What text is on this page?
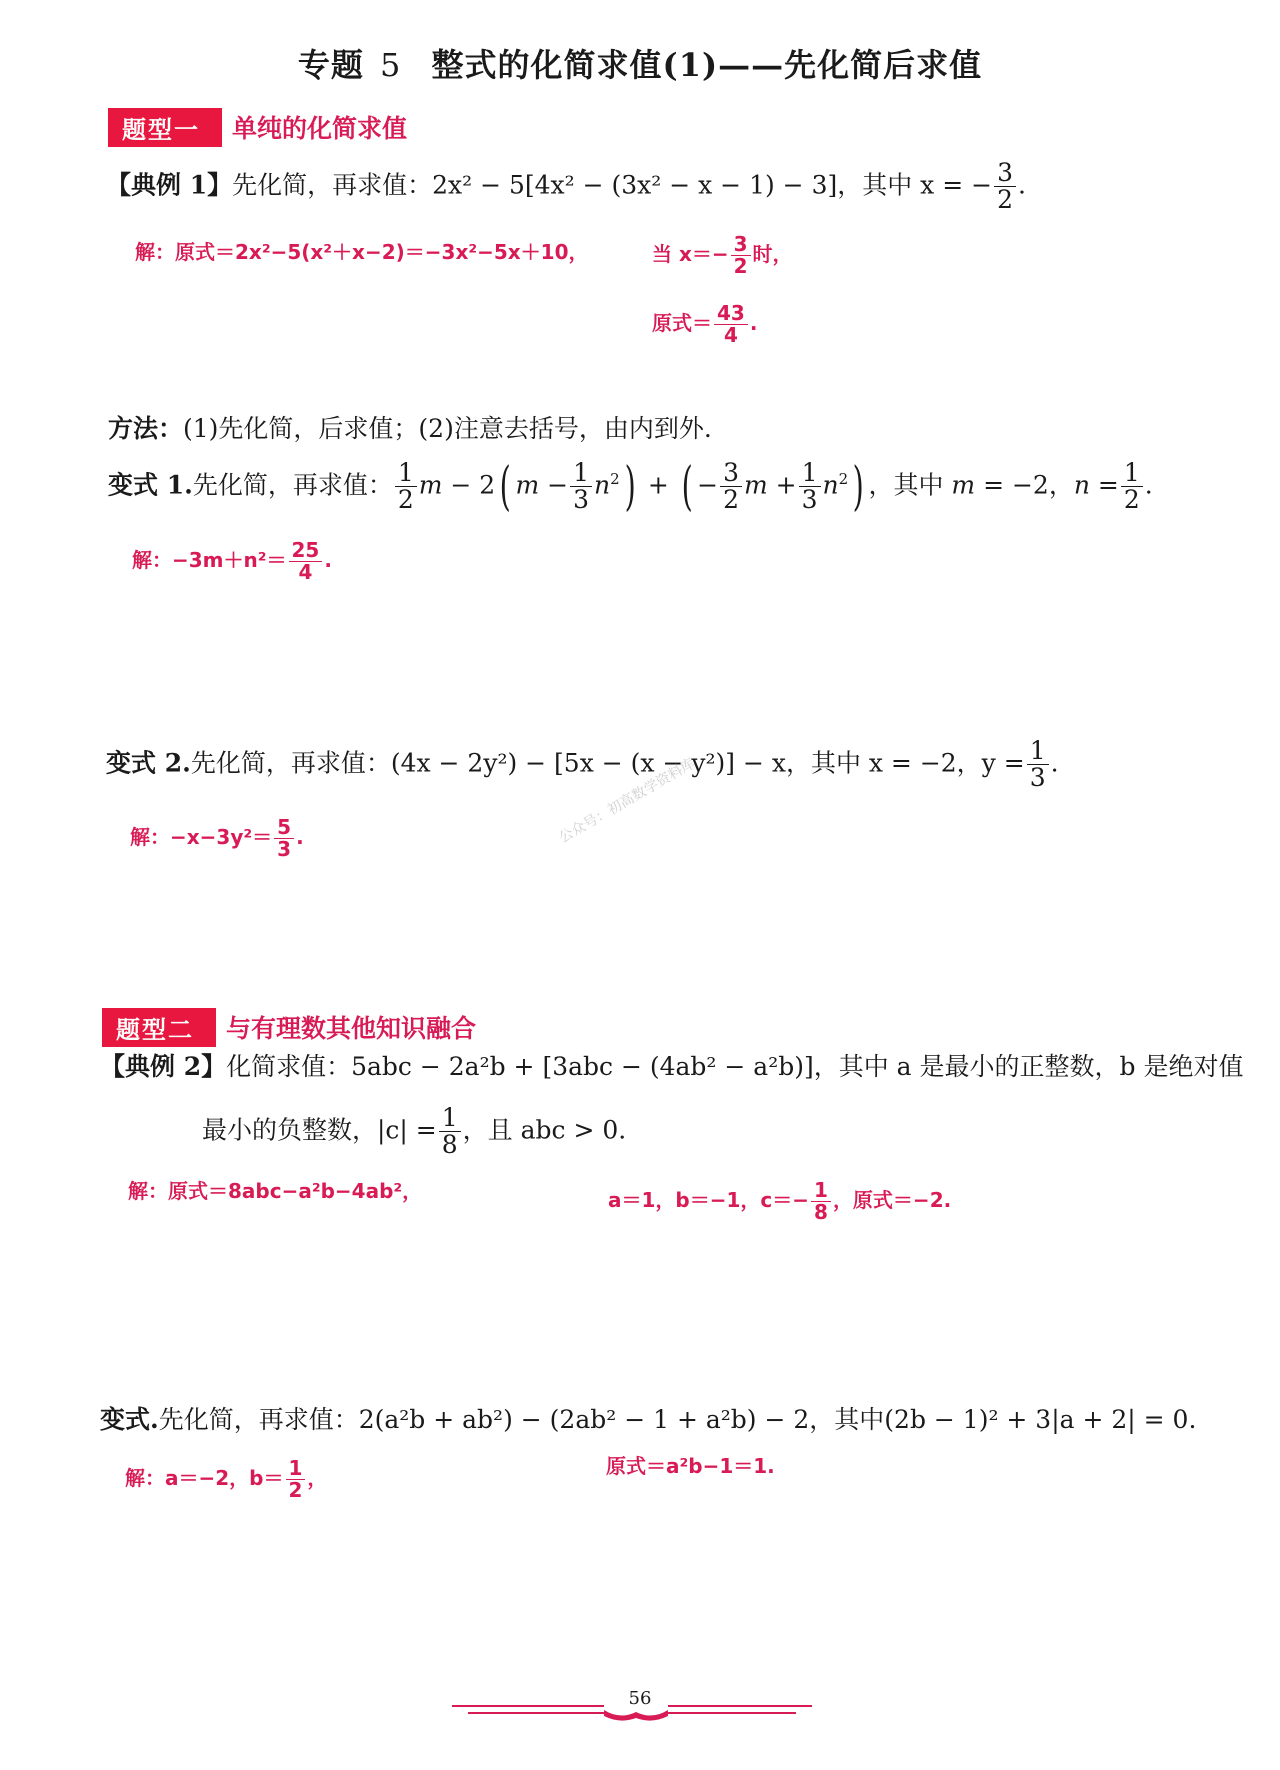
专题 5 整式的化简求值(1)——先化简后求值
题型一	单纯的化简求值
【典例 1】先化简，再求值：2x² − 5[4x² − (3x² − x − 1) − 3]，其中 x = − $\frac{3}{2}$ .
解：原式＝2x²−5(x²＋x−2)＝−3x²−5x＋10，	当 $x=- \frac{3}{2}$ 时，
原式＝ $\frac{43}{4}$ .
方法：(1)先化简，后求值；(2)注意去括号，由内到外.
变式 1.先化简，再求值： $\frac{1}{2}$ m − 2( $m - \frac{1}{3} n^2$) + ( − $\frac{3}{2}$ $m + \frac{1}{3} n^2$) ，其中 m = −2，$n = \frac{1}{2}$ .
解：$-3m+n^2= \frac{25}{4}$ .
变式 2.先化简，再求值：(4x − 2y²) − [5x − (x − y²)] − x，其中 x = −2，$y = \frac{1}{3}$ .
解：$-x-3y^2= \frac{5}{3}$ .	公众号：初高数学资料库
题型二	与有理数其他知识融合
【典例 2】化简求值：5abc − 2a²b + [3abc − (4ab² − a²b)]，其中 a 是最小的正整数，b 是绝对值
最小的负整数，$|c| = \frac{1}{8}$ ，且 abc > 0.
解：原式＝8abc−a²b−4ab²，	a＝1，b＝−1，$c=- \frac{1}{8}$ ，原式＝−2.
变式.先化简，再求值：2(a²b + ab²) − (2ab² − 1 + a²b) − 2，其中(2b − 1)² + 3|a + 2| = 0.
解：a＝−2，$b= \frac{1}{2}$ ，	原式＝a²b−1＝1.
56
